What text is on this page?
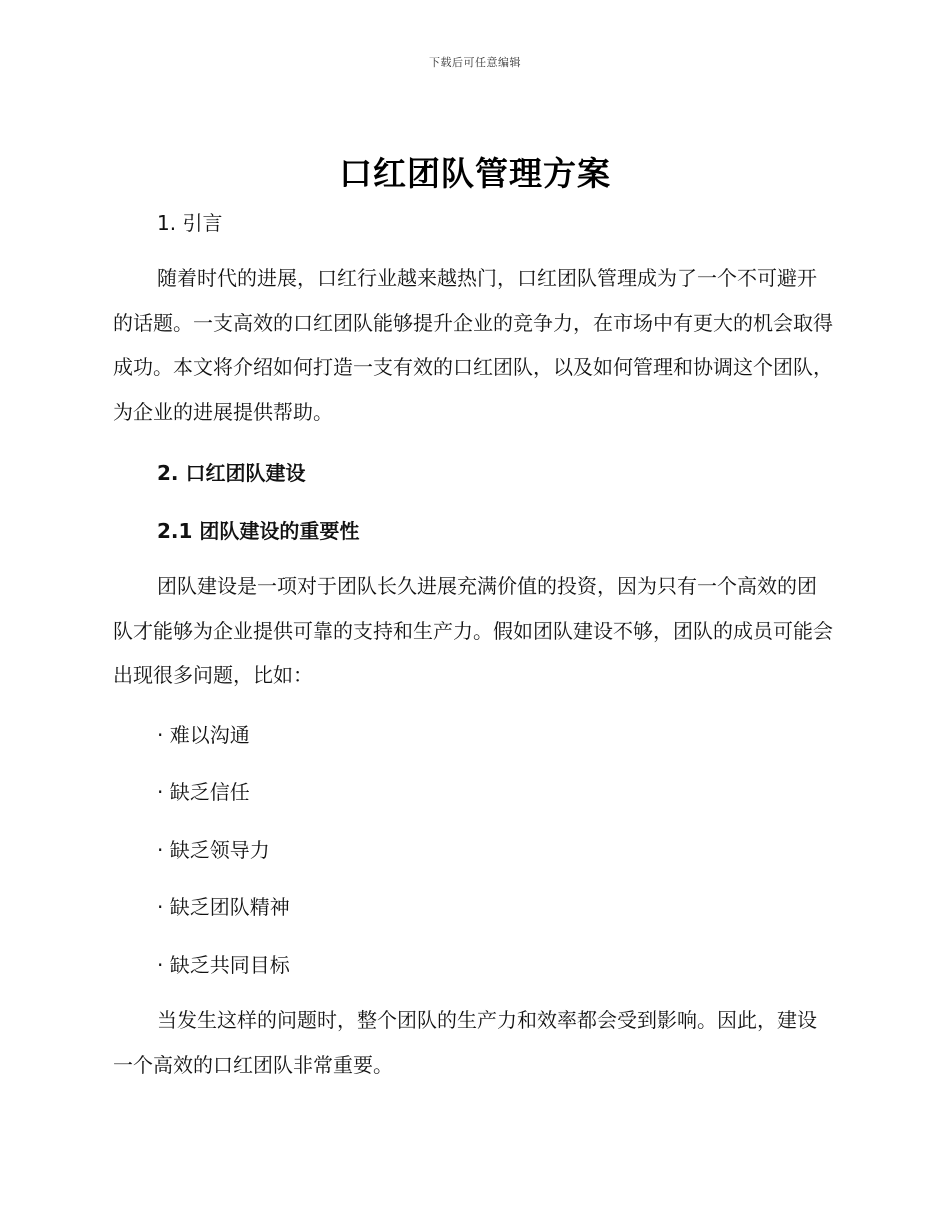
下载后可任意编辑
口红团队管理方案
1. 引言

随着时代的进展，口红行业越来越热门，口红团队管理成为了一个不可避开的话题。一支高效的口红团队能够提升企业的竞争力，在市场中有更大的机会取得成功。本文将介绍如何打造一支有效的口红团队，以及如何管理和协调这个团队，为企业的进展提供帮助。

2. 口红团队建设
2.1 团队建设的重要性

团队建设是一项对于团队长久进展充满价值的投资，因为只有一个高效的团队才能够为企业提供可靠的支持和生产力。假如团队建设不够，团队的成员可能会出现很多问题，比如：

· 难以沟通
· 缺乏信任
· 缺乏领导力
· 缺乏团队精神
· 缺乏共同目标

当发生这样的问题时，整个团队的生产力和效率都会受到影响。因此，建设一个高效的口红团队非常重要。
